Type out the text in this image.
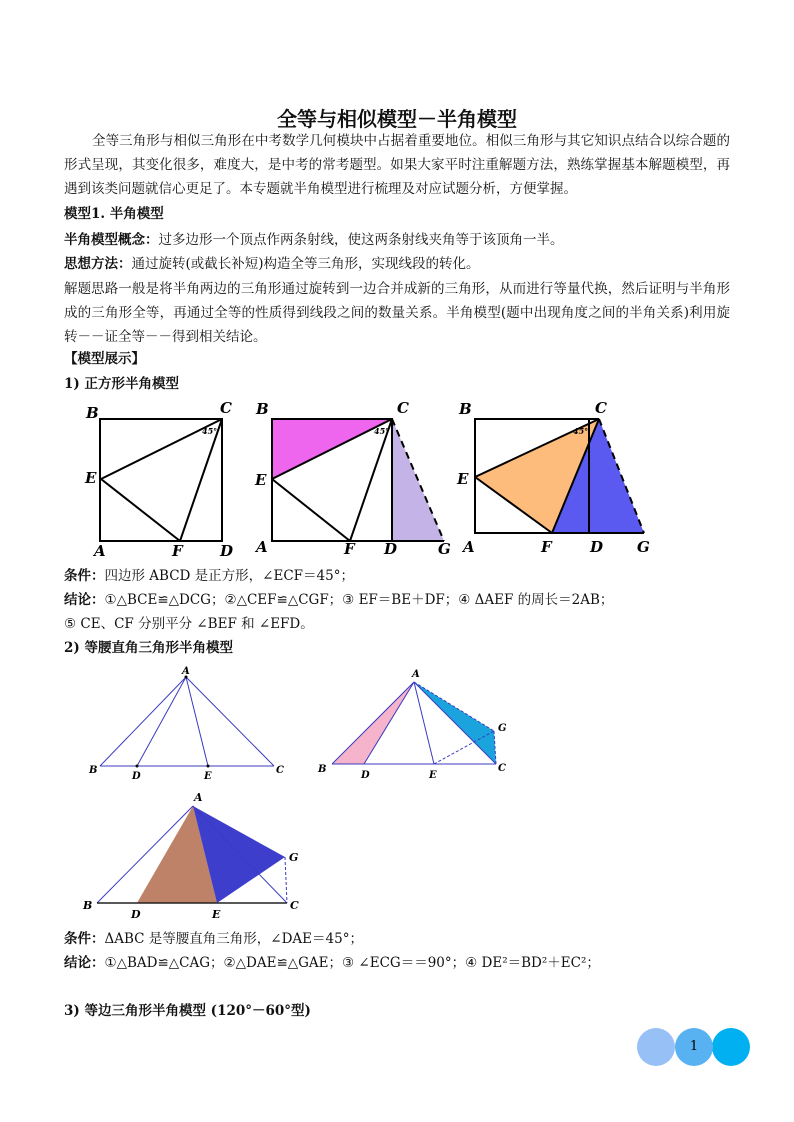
全等与相似模型－半角模型
全等三角形与相似三角形在中考数学几何模块中占据着重要地位。相似三角形与其它知识点结合以综合题的形式呈现，其变化很多，难度大，是中考的常考题型。如果大家平时注重解题方法，熟练掌握基本解题模型，再遇到该类问题就信心更足了。本专题就半角模型进行梳理及对应试题分析，方便掌握。
模型1. 半角模型
半角模型概念：过多边形一个顶点作两条射线，使这两条射线夹角等于该顶角一半。
思想方法：通过旋转(或截长补短)构造全等三角形，实现线段的转化。
解题思路一般是将半角两边的三角形通过旋转到一边合并成新的三角形，从而进行等量代换，然后证明与半角形成的三角形全等，再通过全等的性质得到线段之间的数量关系。半角模型(题中出现角度之间的半角关系)利用旋转－－证全等－－得到相关结论。
【模型展示】
1) 正方形半角模型
B	C
E
A	F D
45°
B	C
E
A	F D	G
45°
B	C
E
A	F	D G
45°
条件：四边形 ABCD 是正方形，∠ECF＝45°；
结论：①△BCE≌△DCG；②△CEF≌△CGF；③ EF＝BE＋DF；④ ΔAEF 的周长＝2AB；
⑤ CE、CF 分别平分 ∠BEF 和 ∠EFD。
2) 等腰直角三角形半角模型
A
B
D	E
C
A
B
D	E
G
C
A
B
D	E
G
C
条件：ΔABC 是等腰直角三角形，∠DAE＝45°；
结论：①△BAD≌△CAG；②△DAE≌△GAE；③ ∠ECG＝＝90°；④ DE²＝BD²＋EC²；
3) 等边三角形半角模型 (120°－60°型)
1
